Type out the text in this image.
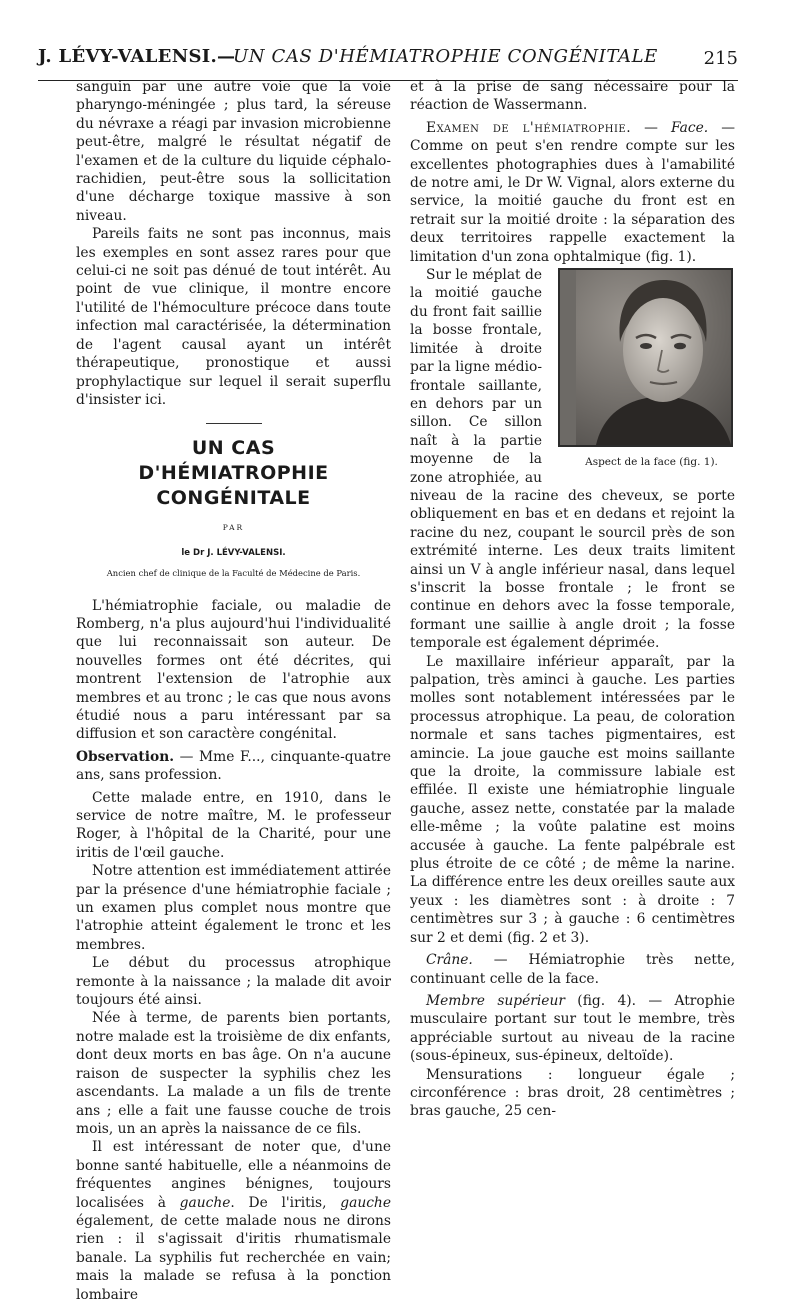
J. LÉVY-VALENSI.—
UN CAS D'HÉMIATROPHIE CONGÉNITALE	215

sanguin par une autre voie que la voie pharyngo-méningée ; plus tard, la séreuse du névraxe a réagi par invasion microbienne peut-être, malgré le résultat négatif de l'examen et de la culture du liquide céphalo-rachidien, peut-être sous la sollicitation d'une décharge toxique massive à son niveau.

Pareils faits ne sont pas inconnus, mais les exemples en sont assez rares pour que celui-ci ne soit pas dénué de tout intérêt. Au point de vue clinique, il montre encore l'utilité de l'hémoculture précoce dans toute infection mal caractérisée, la détermination de l'agent causal ayant un intérêt thérapeutique, pronostique et aussi prophylactique sur lequel il serait superflu d'insister ici.

UN CAS
D'HÉMIATROPHIE
CONGÉNITALE
PAR
le Dr J. LÉVY-VALENSI.
Ancien chef de clinique de la Faculté de Médecine de Paris.

L'hémiatrophie faciale, ou maladie de Romberg, n'a plus aujourd'hui l'individualité que lui reconnaissait son auteur. De nouvelles formes ont été décrites, qui montrent l'extension de l'atrophie aux membres et au tronc ; le cas que nous avons étudié nous a paru intéressant par sa diffusion et son caractère congénital.

Observation. — Mme F..., cinquante-quatre ans, sans profession.

Cette malade entre, en 1910, dans le service de notre maître, M. le professeur Roger, à l'hôpital de la Charité, pour une iritis de l'œil gauche.

Notre attention est immédiatement attirée par la présence d'une hémiatrophie faciale ; un examen plus complet nous montre que l'atrophie atteint également le tronc et les membres.

Le début du processus atrophique remonte à la naissance ; la malade dit avoir toujours été ainsi.

Née à terme, de parents bien portants, notre malade est la troisième de dix enfants, dont deux morts en bas âge. On n'a aucune raison de suspecter la syphilis chez les ascendants. La malade a un fils de trente ans ; elle a fait une fausse couche de trois mois, un an après la naissance de ce fils.

Il est intéressant de noter que, d'une bonne santé habituelle, elle a néanmoins de fréquentes angines bénignes, toujours localisées à gauche. De l'iritis, gauche également, de cette malade nous ne dirons rien : il s'agissait d'iritis rhumatismale banale. La syphilis fut recherchée en vain; mais la malade se refusa à la ponction lombaire

et à la prise de sang nécessaire pour la réaction de Wassermann.

Examen de l'hémiatrophie. — Face. — Comme on peut s'en rendre compte sur les excellentes photographies dues à l'amabilité de notre ami, le Dr W. Vignal, alors externe du service, la moitié gauche du front est en retrait sur la moitié droite : la séparation des deux territoires rappelle exactement la limitation d'un zona ophtalmique (fig. 1).

Aspect de la face (fig. 1).
Sur le méplat de la moitié gauche du front fait saillie la bosse frontale, limitée à droite par la ligne médio-frontale saillante, en dehors par un sillon. Ce sillon naît à la partie moyenne de la zone atrophiée, au niveau de la racine des cheveux, se porte obliquement en bas et en dedans et rejoint la racine du nez, coupant le sourcil près de son extrémité interne. Les deux traits limitent ainsi un V à angle inférieur nasal, dans lequel s'inscrit la bosse frontale ; le front se continue en dehors avec la fosse temporale, formant une saillie à angle droit ; la fosse temporale est également déprimée.

Le maxillaire inférieur apparaît, par la palpation, très aminci à gauche. Les parties molles sont notablement intéressées par le processus atrophique. La peau, de coloration normale et sans taches pigmentaires, est amincie. La joue gauche est moins saillante que la droite, la commissure labiale est effilée. Il existe une hémiatrophie linguale gauche, assez nette, constatée par la malade elle-même ; la voûte palatine est moins accusée à gauche. La fente palpébrale est plus étroite de ce côté ; de même la narine. La différence entre les deux oreilles saute aux yeux : les diamètres sont : à droite : 7 centimètres sur 3 ; à gauche : 6 centimètres sur 2 et demi (fig. 2 et 3).

Crâne. — Hémiatrophie très nette, continuant celle de la face.

Membre supérieur (fig. 4). — Atrophie musculaire portant sur tout le membre, très appréciable surtout au niveau de la racine (sous-épineux, sus-épineux, deltoïde).

Mensurations : longueur égale ; circonférence : bras droit, 28 centimètres ; bras gauche, 25 cen-
